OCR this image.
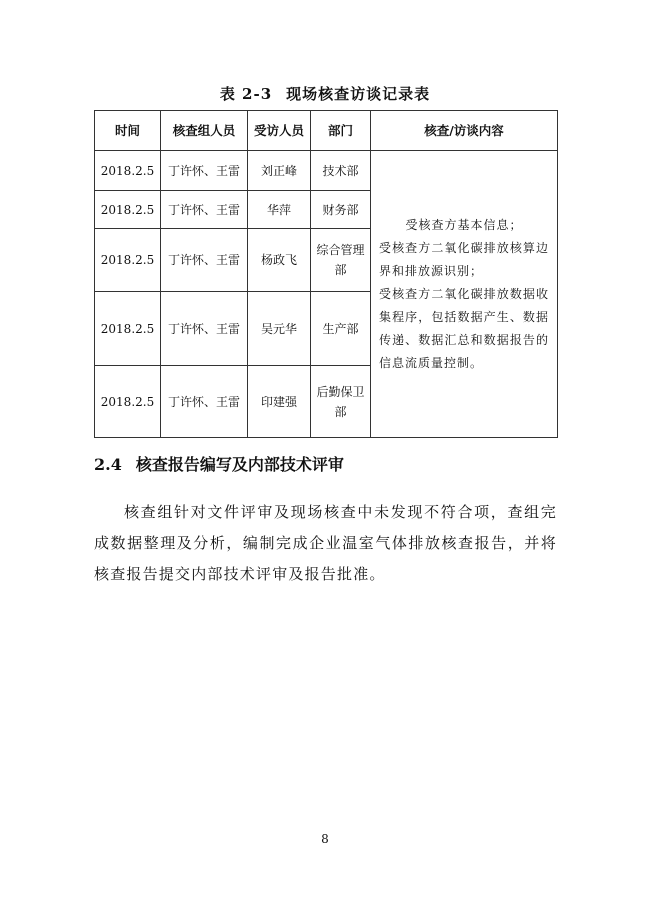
表 2-3 现场核查访谈记录表
时间	核查组人员	受访人员	部门	核查/访谈内容
2018.2.5	丁许怀、王雷	刘正峰	技术部	受核查方基本信息；
受核查方二氧化碳排放核算边界和排放源识别；
受核查方二氧化碳排放数据收集程序，包括数据产生、数据传递、数据汇总和数据报告的信息流质量控制。

2018.2.5	丁许怀、王雷	华萍	财务部	
2018.2.5	丁许怀、王雷	杨政飞	综合管理部	
2018.2.5	丁许怀、王雷	吴元华	生产部	
2018.2.5	丁许怀、王雷	印建强	后勤保卫部	
2.4 核查报告编写及内部技术评审

核查组针对文件评审及现场核查中未发现不符合项，查组完成数据整理及分析，编制完成企业温室气体排放核查报告，并将核查报告提交内部技术评审及报告批准。

8
